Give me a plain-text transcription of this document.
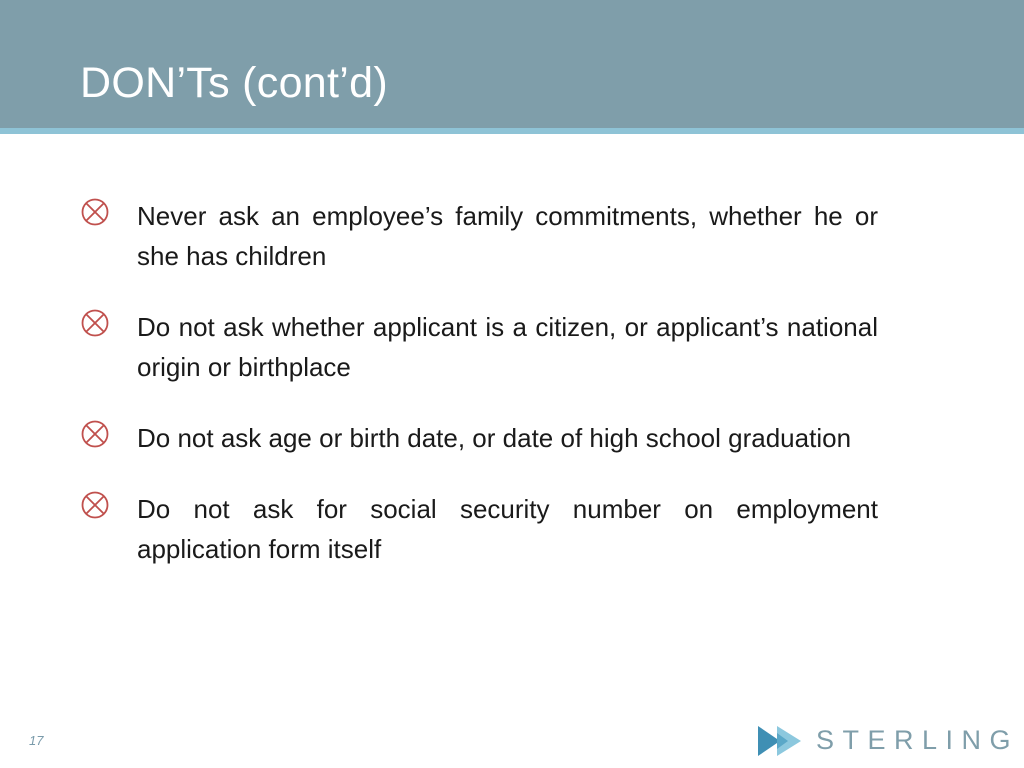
DON’Ts (cont’d)
Never ask an employee’s family commitments, whether he or she has children
Do not ask whether applicant is a citizen, or applicant’s national origin or birthplace
Do not ask age or birth date, or date of high school graduation
Do not ask for social security number on employment application form itself
17	STERLING
